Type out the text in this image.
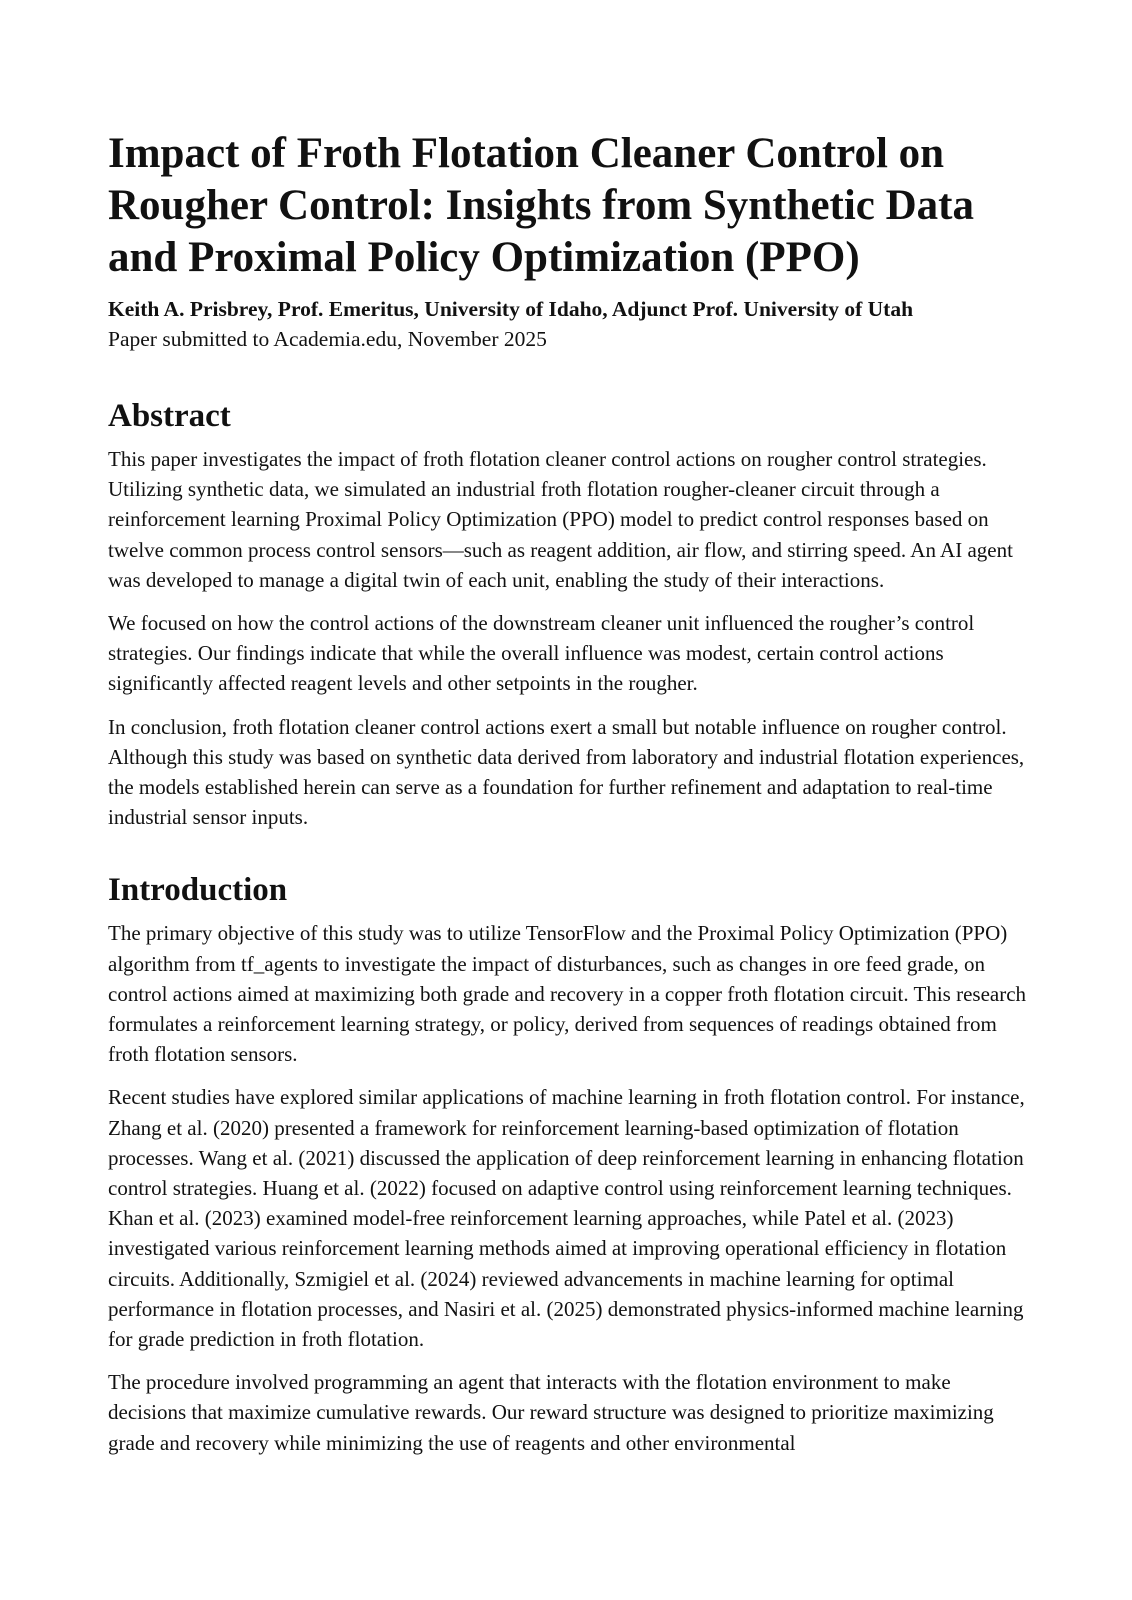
Impact of Froth Flotation Cleaner Control on Rougher Control: Insights from Synthetic Data and Proximal Policy Optimization (PPO)

Keith A. Prisbrey, Prof. Emeritus, University of Idaho, Adjunct Prof. University of Utah

Paper submitted to Academia.edu, November 2025

Abstract

This paper investigates the impact of froth flotation cleaner control actions on rougher control strategies. Utilizing synthetic data, we simulated an industrial froth flotation rougher-cleaner circuit through a reinforcement learning Proximal Policy Optimization (PPO) model to predict control responses based on twelve common process control sensors—such as reagent addition, air flow, and stirring speed. An AI agent was developed to manage a digital twin of each unit, enabling the study of their interactions.

We focused on how the control actions of the downstream cleaner unit influenced the rougher’s control strategies. Our findings indicate that while the overall influence was modest, certain control actions significantly affected reagent levels and other setpoints in the rougher.

In conclusion, froth flotation cleaner control actions exert a small but notable influence on rougher control. Although this study was based on synthetic data derived from laboratory and industrial flotation experiences, the models established herein can serve as a foundation for further refinement and adaptation to real-time industrial sensor inputs.

Introduction

The primary objective of this study was to utilize TensorFlow and the Proximal Policy Optimization (PPO) algorithm from tf_agents to investigate the impact of disturbances, such as changes in ore feed grade, on control actions aimed at maximizing both grade and recovery in a copper froth flotation circuit. This research formulates a reinforcement learning strategy, or policy, derived from sequences of readings obtained from froth flotation sensors.

Recent studies have explored similar applications of machine learning in froth flotation control. For instance, Zhang et al. (2020) presented a framework for reinforcement learning-based optimization of flotation processes. Wang et al. (2021) discussed the application of deep reinforcement learning in enhancing flotation control strategies. Huang et al. (2022) focused on adaptive control using reinforcement learning techniques. Khan et al. (2023) examined model-free reinforcement learning approaches, while Patel et al. (2023) investigated various reinforcement learning methods aimed at improving operational efficiency in flotation circuits. Additionally, Szmigiel et al. (2024) reviewed advancements in machine learning for optimal performance in flotation processes, and Nasiri et al. (2025) demonstrated physics-informed machine learning for grade prediction in froth flotation.

The procedure involved programming an agent that interacts with the flotation environment to make decisions that maximize cumulative rewards. Our reward structure was designed to prioritize maximizing grade and recovery while minimizing the use of reagents and other environmental
